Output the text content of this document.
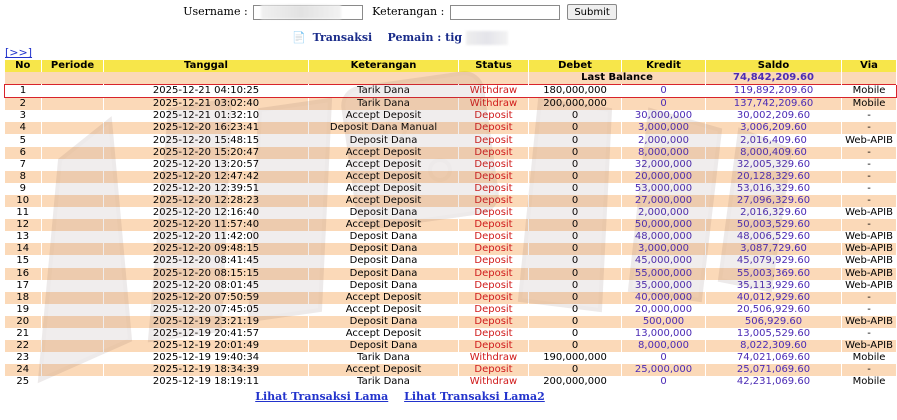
Username :	Keterangan :	Submit
📄 Transaksi Pemain : tig
[>>]
No	Periode	Tanggal	Keterangan	Status	Debet	Kredit	Saldo	Via
					Last Balance		74,842,209.60	
1		2025-12-21 04:10:25	Tarik Dana	Withdraw	180,000,000	0	119,892,209.60	Mobile
2		2025-12-21 03:02:40	Tarik Dana	Withdraw	200,000,000	0	137,742,209.60	Mobile
3		2025-12-21 01:32:10	Accept Deposit	Deposit	0	30,000,000	30,002,209.60	-
4		2025-12-20 16:23:41	Deposit Dana Manual	Deposit	0	3,000,000	3,006,209.60	-
5		2025-12-20 15:48:15	Deposit Dana	Deposit	0	2,000,000	2,016,409.60	Web-APIB
6		2025-12-20 15:20:47	Accept Deposit	Deposit	0	8,000,000	8,000,409.60	-
7		2025-12-20 13:20:57	Accept Deposit	Deposit	0	32,000,000	32,005,329.60	-
8		2025-12-20 12:47:42	Accept Deposit	Deposit	0	20,000,000	20,128,329.60	-
9		2025-12-20 12:39:51	Accept Deposit	Deposit	0	53,000,000	53,016,329.60	-
10		2025-12-20 12:28:23	Accept Deposit	Deposit	0	27,000,000	27,096,329.60	-
11		2025-12-20 12:16:40	Deposit Dana	Deposit	0	2,000,000	2,016,329.60	Web-APIB
12		2025-12-20 11:57:40	Accept Deposit	Deposit	0	50,000,000	50,003,529.60	-
13		2025-12-20 11:42:00	Deposit Dana	Deposit	0	48,000,000	48,006,529.60	Web-APIB
14		2025-12-20 09:48:15	Deposit Dana	Deposit	0	3,000,000	3,087,729.60	Web-APIB
15		2025-12-20 08:41:45	Deposit Dana	Deposit	0	45,000,000	45,079,929.60	Web-APIB
16		2025-12-20 08:15:15	Deposit Dana	Deposit	0	55,000,000	55,003,369.60	Web-APIB
17		2025-12-20 08:01:45	Deposit Dana	Deposit	0	35,000,000	35,113,929.60	Web-APIB
18		2025-12-20 07:50:59	Accept Deposit	Deposit	0	40,000,000	40,012,929.60	-
19		2025-12-20 07:45:05	Accept Deposit	Deposit	0	20,000,000	20,506,929.60	-
20		2025-12-19 23:21:19	Deposit Dana	Deposit	0	500,000	506,929.60	Web-APIB
21		2025-12-19 20:41:57	Accept Deposit	Deposit	0	13,000,000	13,005,529.60	-
22		2025-12-19 20:01:49	Deposit Dana	Deposit	0	8,000,000	8,022,309.60	Web-APIB
23		2025-12-19 19:40:34	Tarik Dana	Withdraw	190,000,000	0	74,021,069.60	Mobile
24		2025-12-19 18:34:39	Accept Deposit	Deposit	0	25,000,000	25,071,069.60	-
25		2025-12-19 18:19:11	Tarik Dana	Withdraw	200,000,000	0	42,231,069.60	Mobile
Lihat Transaksi Lama Lihat Transaksi Lama2
